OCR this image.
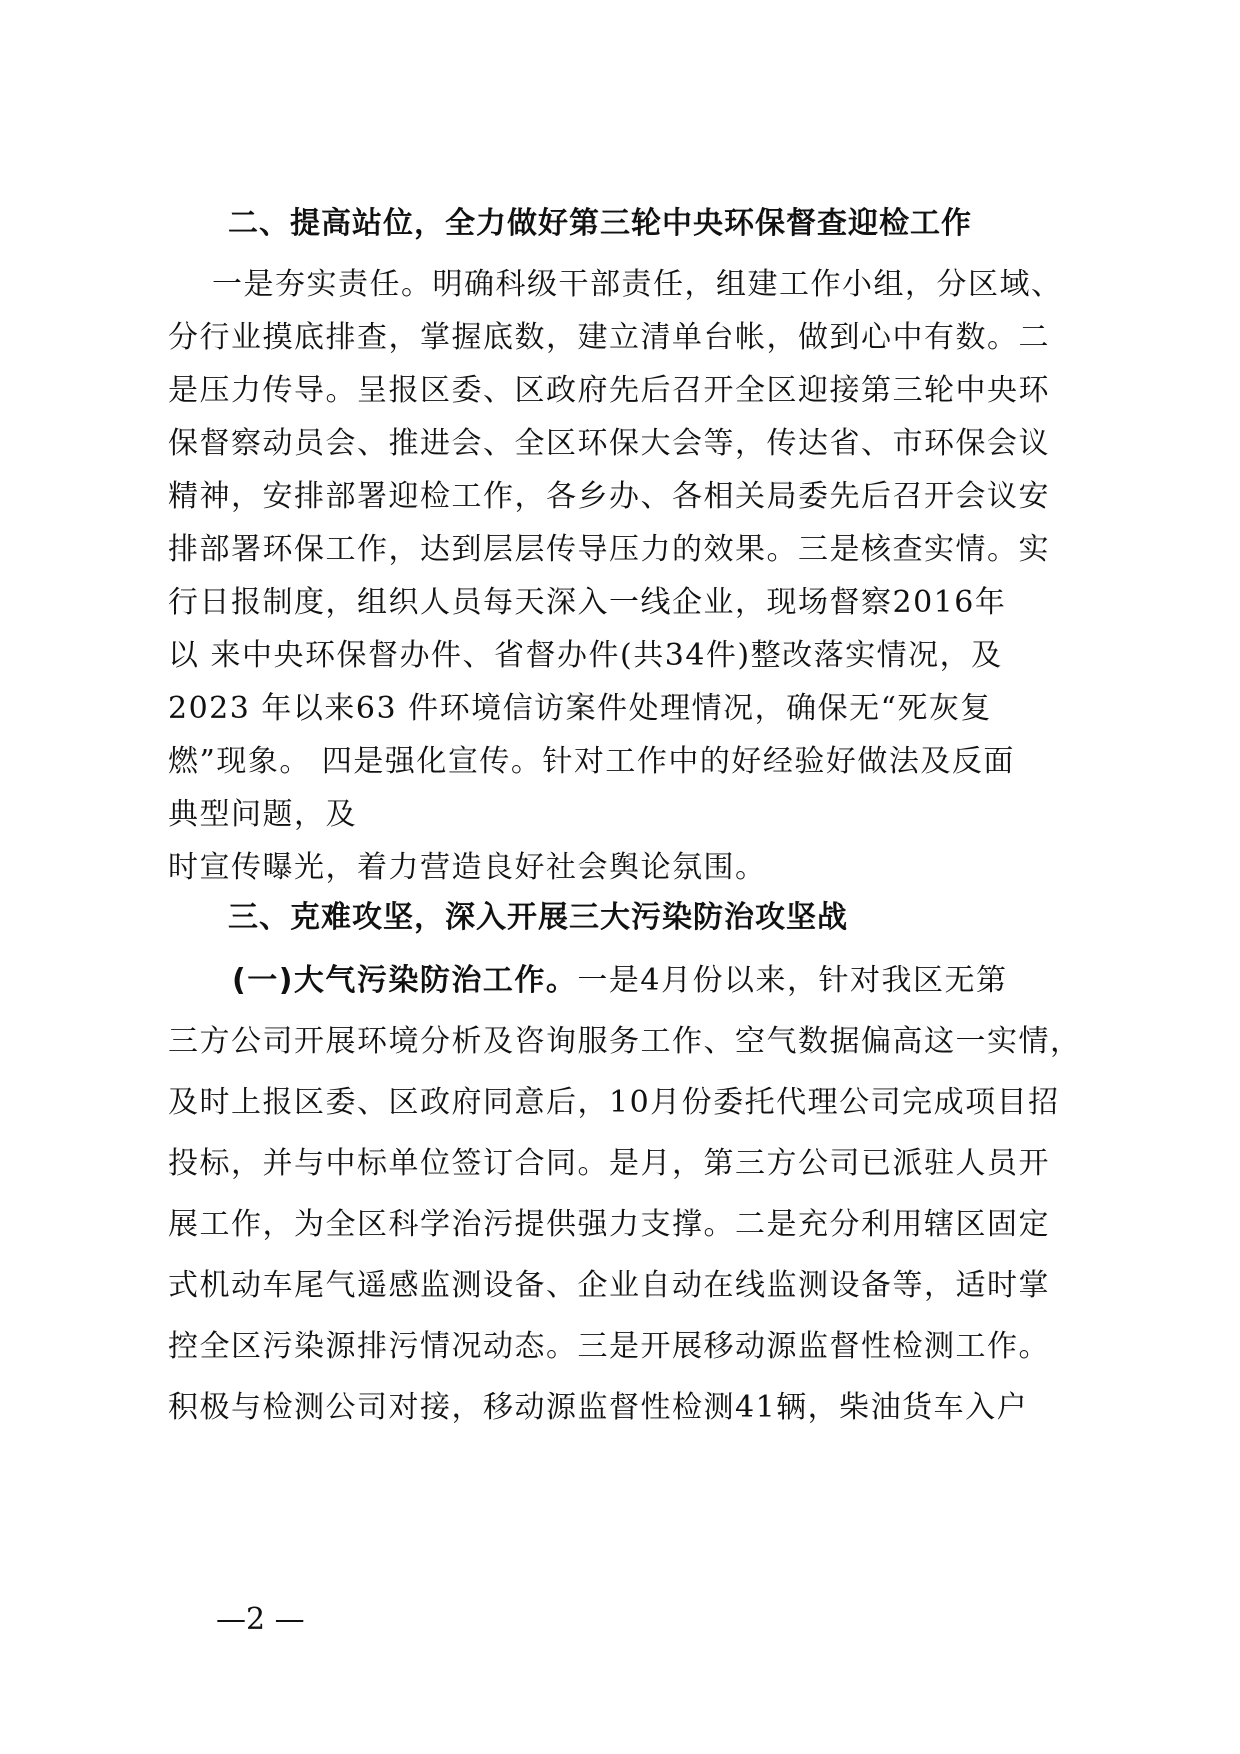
二、提高站位，全力做好第三轮中央环保督查迎检工作
一是夯实责任。明确科级干部责任，组建工作小组，分区域、
分行业摸底排查，掌握底数，建立清单台帐，做到心中有数。二
是压力传导。呈报区委、区政府先后召开全区迎接第三轮中央环
保督察动员会、推进会、全区环保大会等，传达省、市环保会议
精神，安排部署迎检工作，各乡办、各相关局委先后召开会议安
排部署环保工作，达到层层传导压力的效果。三是核查实情。实
行日报制度，组织人员每天深入一线企业，现场督察2016年
以 来中央环保督办件、省督办件(共34件)整改落实情况，及
2023 年以来63 件环境信访案件处理情况，确保无“死灰复
燃”现象。 四是强化宣传。针对工作中的好经验好做法及反面
典型问题，及
时宣传曝光，着力营造良好社会舆论氛围。
三、克难攻坚，深入开展三大污染防治攻坚战
(一)大气污染防治工作。一是4月份以来，针对我区无第
三方公司开展环境分析及咨询服务工作、空气数据偏高这一实情，
及时上报区委、区政府同意后，10月份委托代理公司完成项目招
投标，并与中标单位签订合同。是月，第三方公司已派驻人员开
展工作，为全区科学治污提供强力支撑。二是充分利用辖区固定
式机动车尾气遥感监测设备、企业自动在线监测设备等，适时掌
控全区污染源排污情况动态。三是开展移动源监督性检测工作。
积极与检测公司对接，移动源监督性检测41辆，柴油货车入户
—2 —
